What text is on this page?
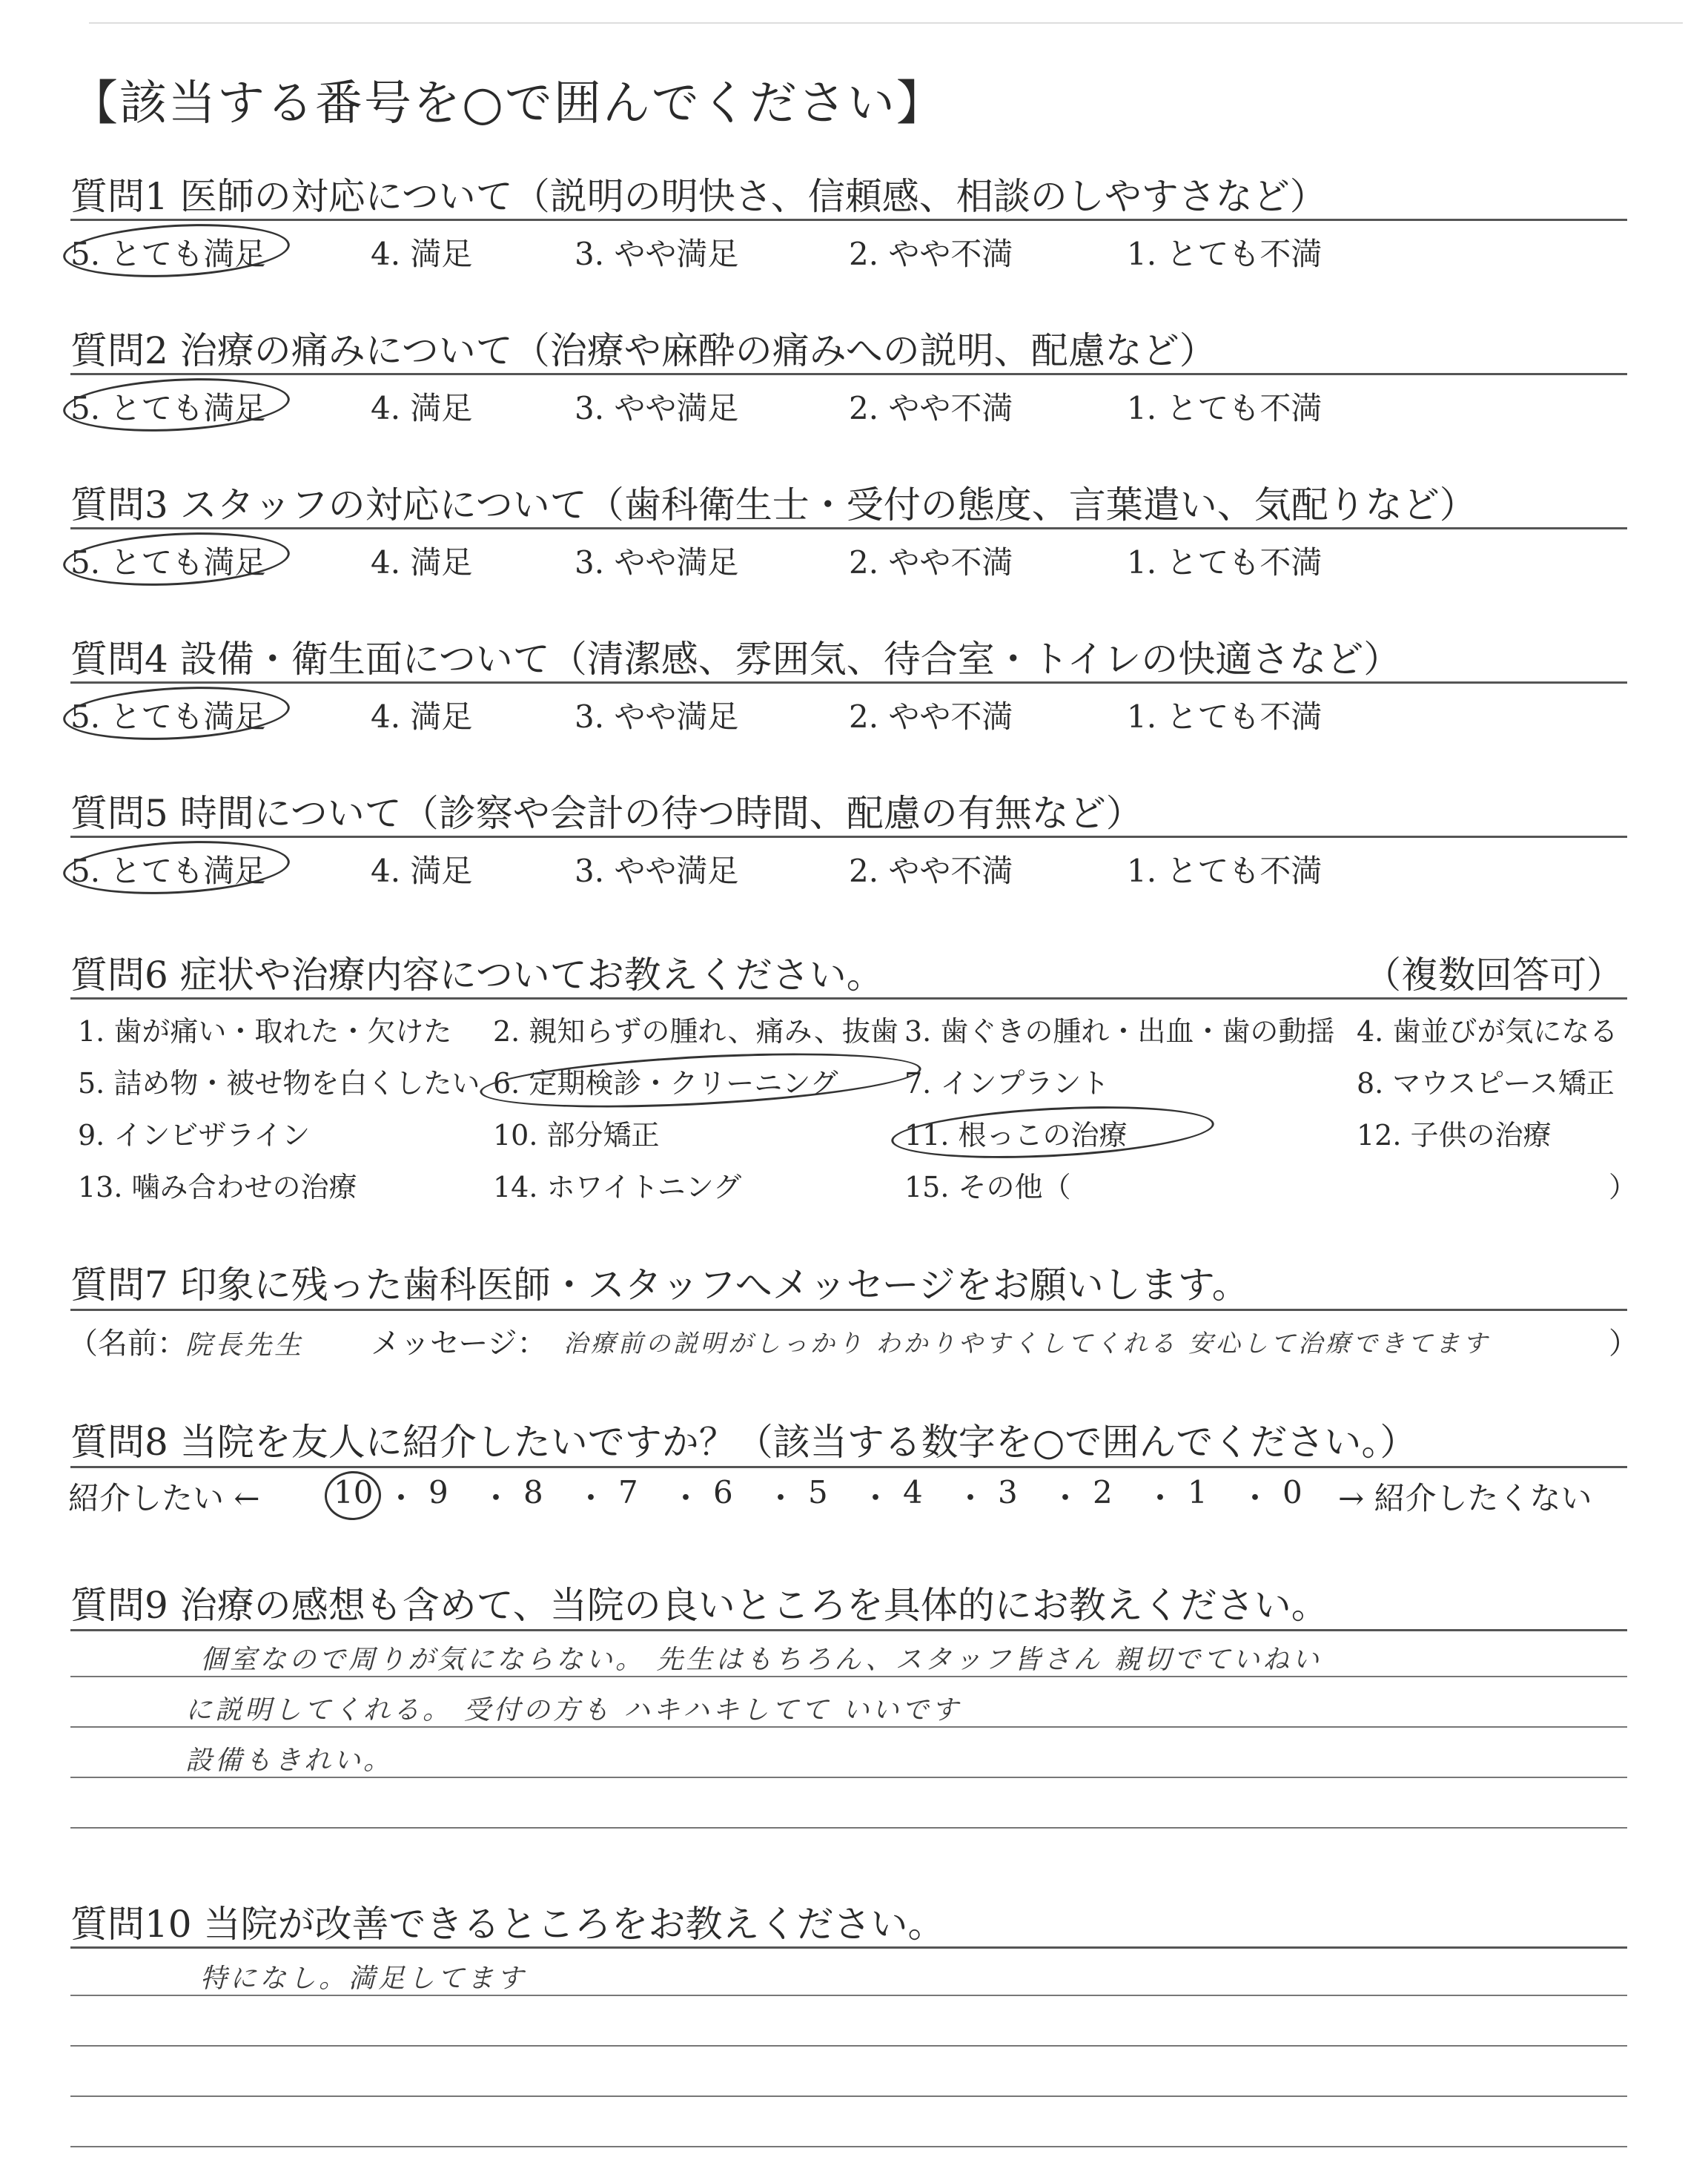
【該当する番号を○で囲んでください】
質問1 医師の対応について（説明の明快さ、信頼感、相談のしやすさなど）
5. とても満足	4. 満足	3. やや満足	2. やや不満	1. とても不満
質問2 治療の痛みについて（治療や麻酔の痛みへの説明、配慮など）
5. とても満足	4. 満足	3. やや満足	2. やや不満	1. とても不満
質問3 スタッフの対応について（歯科衛生士・受付の態度、言葉遣い、気配りなど）
5. とても満足	4. 満足	3. やや満足	2. やや不満	1. とても不満
質問4 設備・衛生面について（清潔感、雰囲気、待合室・トイレの快適さなど）
5. とても満足	4. 満足	3. やや満足	2. やや不満	1. とても不満
質問5 時間について（診察や会計の待つ時間、配慮の有無など）
5. とても満足	4. 満足	3. やや満足	2. やや不満	1. とても不満
質問6 症状や治療内容についてお教えください。	（複数回答可）
1. 歯が痛い・取れた・欠けた 2. 親知らずの腫れ、痛み、抜歯 3. 歯ぐきの腫れ・出血・歯の動揺 4. 歯並びが気になる
5. 詰め物・被せ物を白くしたい 6. 定期検診・クリーニング 7. インプラント	8. マウスピース矯正
9. インビザライン	10. 部分矯正	11. 根っこの治療	12. 子供の治療
13. 噛み合わせの治療	14. ホワイトニング	15. その他（	）
質問7 印象に残った歯科医師・スタッフへメッセージをお願いします。
（名前：
院長先生 メッセージ： 治療前の説明がしっかり わかりやすくしてくれる 安心して治療できてます	）
質問8 当院を友人に紹介したいですか？（該当する数字を○で囲んでください。）
紹介したい ← 10 ・ 9 ・ 8 ・ 7 ・ 6 ・ 5 ・ 4 ・ 3 ・ 2 ・ 1 ・ 0 → 紹介したくない
質問9 治療の感想も含めて、当院の良いところを具体的にお教えください。
個室なので周りが気にならない。 先生はもちろん、スタッフ皆さん 親切でていねい
に説明してくれる。 受付の方も ハキハキしてて いいです
設備もきれい。
質問10 当院が改善できるところをお教えください。
特になし。満足してます
